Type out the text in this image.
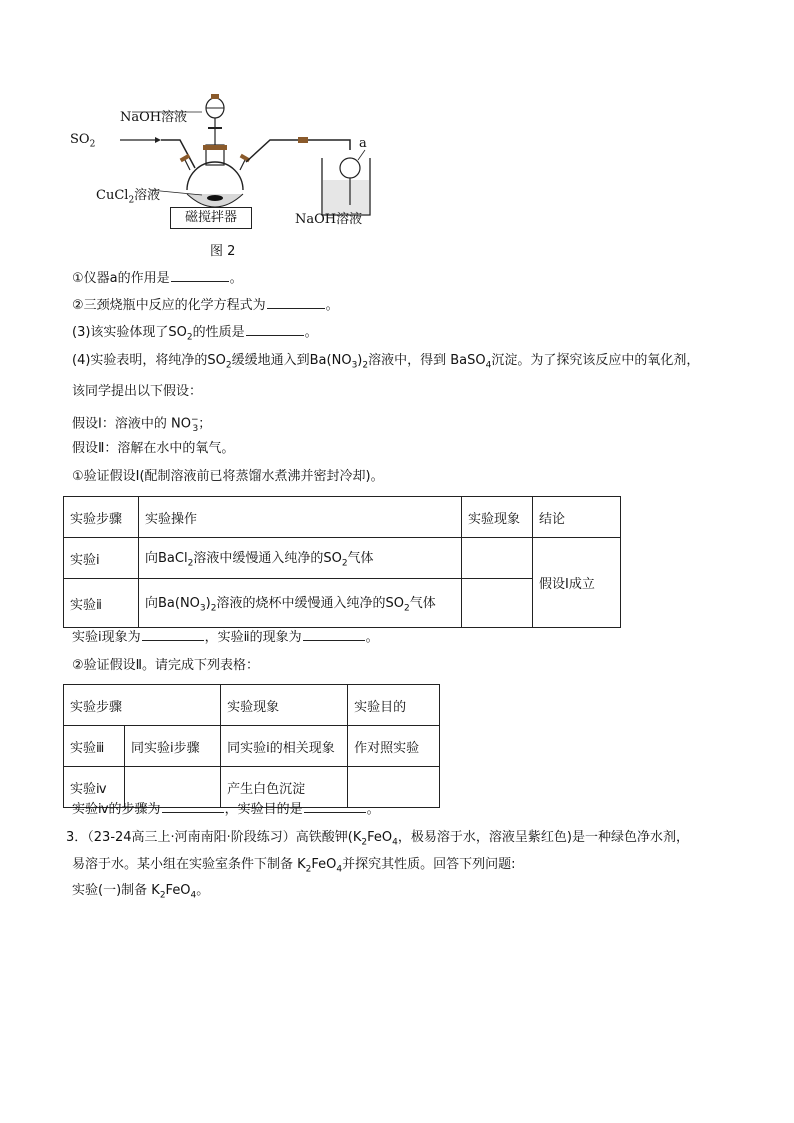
NaOH溶液
$SO_2$
CuCl$_2$溶液
a
磁搅拌器	NaOH溶液
图 2
①仪器a的作用是	。
②三颈烧瓶中反应的化学方程式为	。
(3)该实验体现了$SO_2$的性质是	。
(4)实验表明，将纯净的$SO_2$缓缓地通入到$Ba(NO_3)_2$溶液中，得到 BaSO$_4$沉淀。为了探究该反应中的氧化剂，
该同学提出以下假设：
假设Ⅰ：溶液中的 $NO^-_3$；
假设Ⅱ：溶解在水中的氧气。
①验证假设Ⅰ(配制溶液前已将蒸馏水煮沸并密封冷却)。
实验步骤	实验操作	实验现象	结论
实验ⅰ	向BaCl$_2$溶液中缓慢通入纯净的$SO_2$气体		假设Ⅰ成立
实验ⅱ	向$Ba(NO_3)_2$溶液的烧杯中缓慢通入纯净的$SO_2$气体		
实验ⅰ现象为	，实验ⅱ的现象为	。
②验证假设Ⅱ。请完成下列表格：
实验步骤		实验现象	实验目的
实验ⅲ	同实验ⅰ步骤	同实验ⅰ的相关现象	作对照实验
实验ⅳ		产生白色沉淀	
实验ⅳ的步骤为	，实验目的是	。
3．（23-24高三上·河南南阳·阶段练习）高铁酸钾($K_2FeO_4$，极易溶于水，溶液呈紫红色)是一种绿色净水剂，
易溶于水。某小组在实验室条件下制备 $K_2FeO_4$并探究其性质。回答下列问题:
实验(一)制备 $K_2FeO_4$。
